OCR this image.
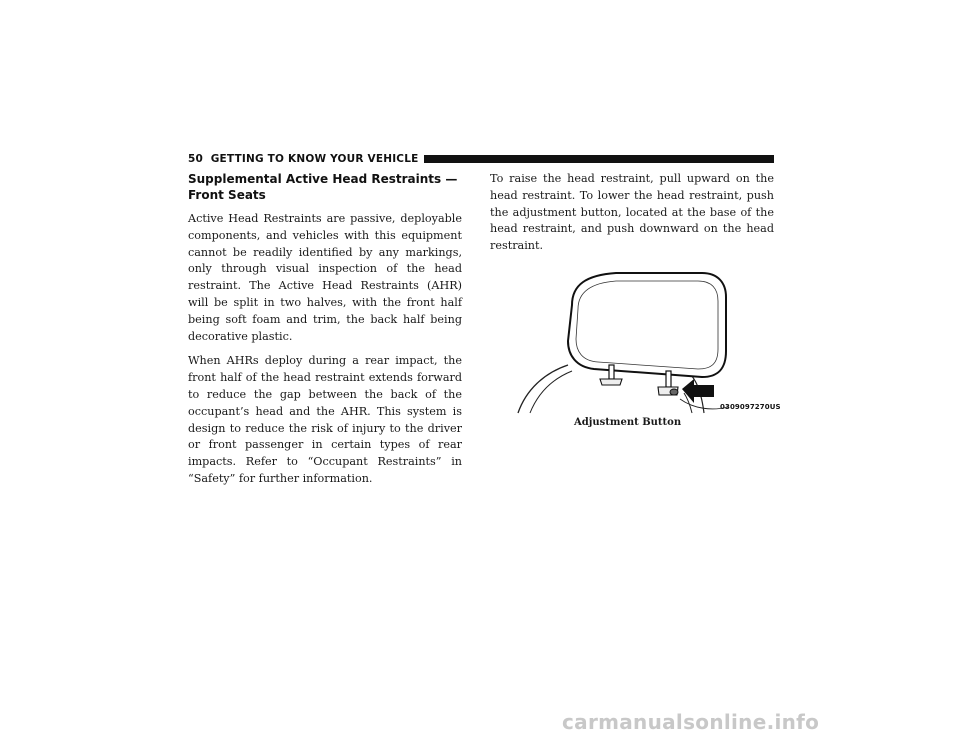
50 GETTING TO KNOW YOUR VEHICLE
Supplemental Active Head Restraints — Front Seats

Active Head Restraints are passive, deployable components, and vehicles with this equipment cannot be readily identified by any markings, only through visual inspection of the head restraint. The Active Head Restraints (AHR) will be split in two halves, with the front half being soft foam and trim, the back half being decorative plastic.

When AHRs deploy during a rear impact, the front half of the head restraint extends forward to reduce the gap between the back of the occupant’s head and the AHR. This system is design to reduce the risk of injury to the driver or front passenger in certain types of rear impacts. Refer to “Occupant Restraints” in “Safety” for further information.

To raise the head restraint, pull upward on the head restraint. To lower the head restraint, push the adjustment button, located at the base of the head restraint, and push downward on the head restraint.

0309097270US
Adjustment Button
carmanualsonline.info
